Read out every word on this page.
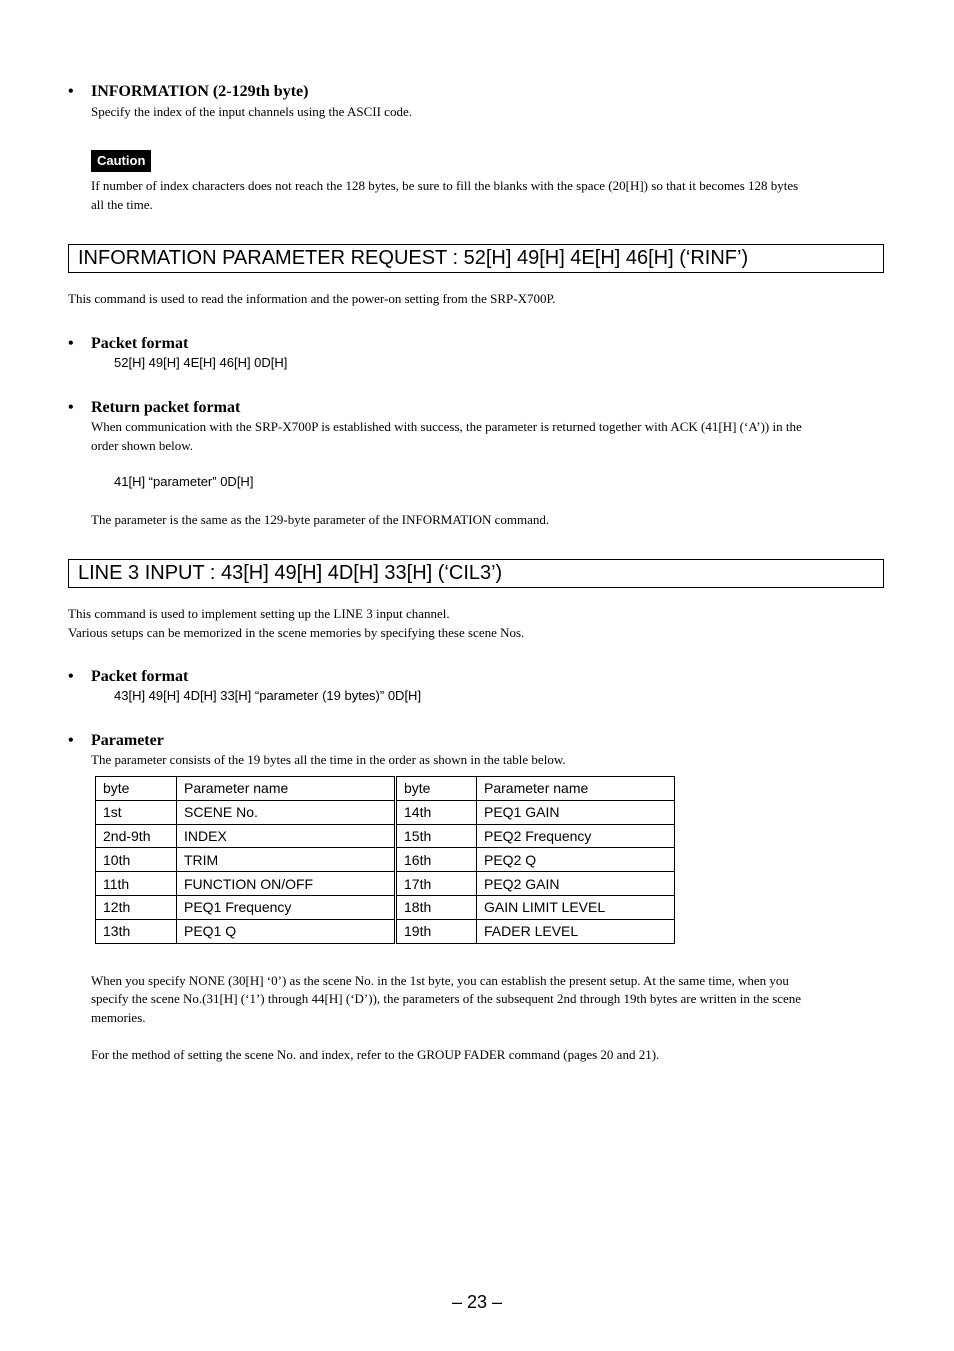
• INFORMATION (2-129th byte)
Specify the index of the input channels using the ASCII code.
Caution
If number of index characters does not reach the 128 bytes, be sure to fill the blanks with the space (20[H]) so that it becomes 128 bytes
all the time.
INFORMATION PARAMETER REQUEST : 52[H] 49[H] 4E[H] 46[H] (‘RINF’)
This command is used to read the information and the power-on setting from the SRP-X700P.
• Packet format
52[H] 49[H] 4E[H] 46[H] 0D[H]
• Return packet format
When communication with the SRP-X700P is established with success, the parameter is returned together with ACK (41[H] (‘A’)) in the
order shown below.
41[H] “parameter” 0D[H]
The parameter is the same as the 129-byte parameter of the INFORMATION command.
LINE 3 INPUT : 43[H] 49[H] 4D[H] 33[H] (‘CIL3’)
This command is used to implement setting up the LINE 3 input channel.
Various setups can be memorized in the scene memories by specifying these scene Nos.
• Packet format
43[H] 49[H] 4D[H] 33[H] “parameter (19 bytes)” 0D[H]
• Parameter
The parameter consists of the 19 bytes all the time in the order as shown in the table below.
byte	Parameter name	byte	Parameter name
1st	SCENE No.	14th	PEQ1 GAIN
2nd-9th	INDEX	15th	PEQ2 Frequency
10th	TRIM	16th	PEQ2 Q
11th	FUNCTION ON/OFF	17th	PEQ2 GAIN
12th	PEQ1 Frequency	18th	GAIN LIMIT LEVEL
13th	PEQ1 Q	19th	FADER LEVEL
When you specify NONE (30[H] ‘0’) as the scene No. in the 1st byte, you can establish the present setup. At the same time, when you
specify the scene No.(31[H] (‘1’) through 44[H] (‘D’)), the parameters of the subsequent 2nd through 19th bytes are written in the scene
memories.
For the method of setting the scene No. and index, refer to the GROUP FADER command (pages 20 and 21).
– 23 –
